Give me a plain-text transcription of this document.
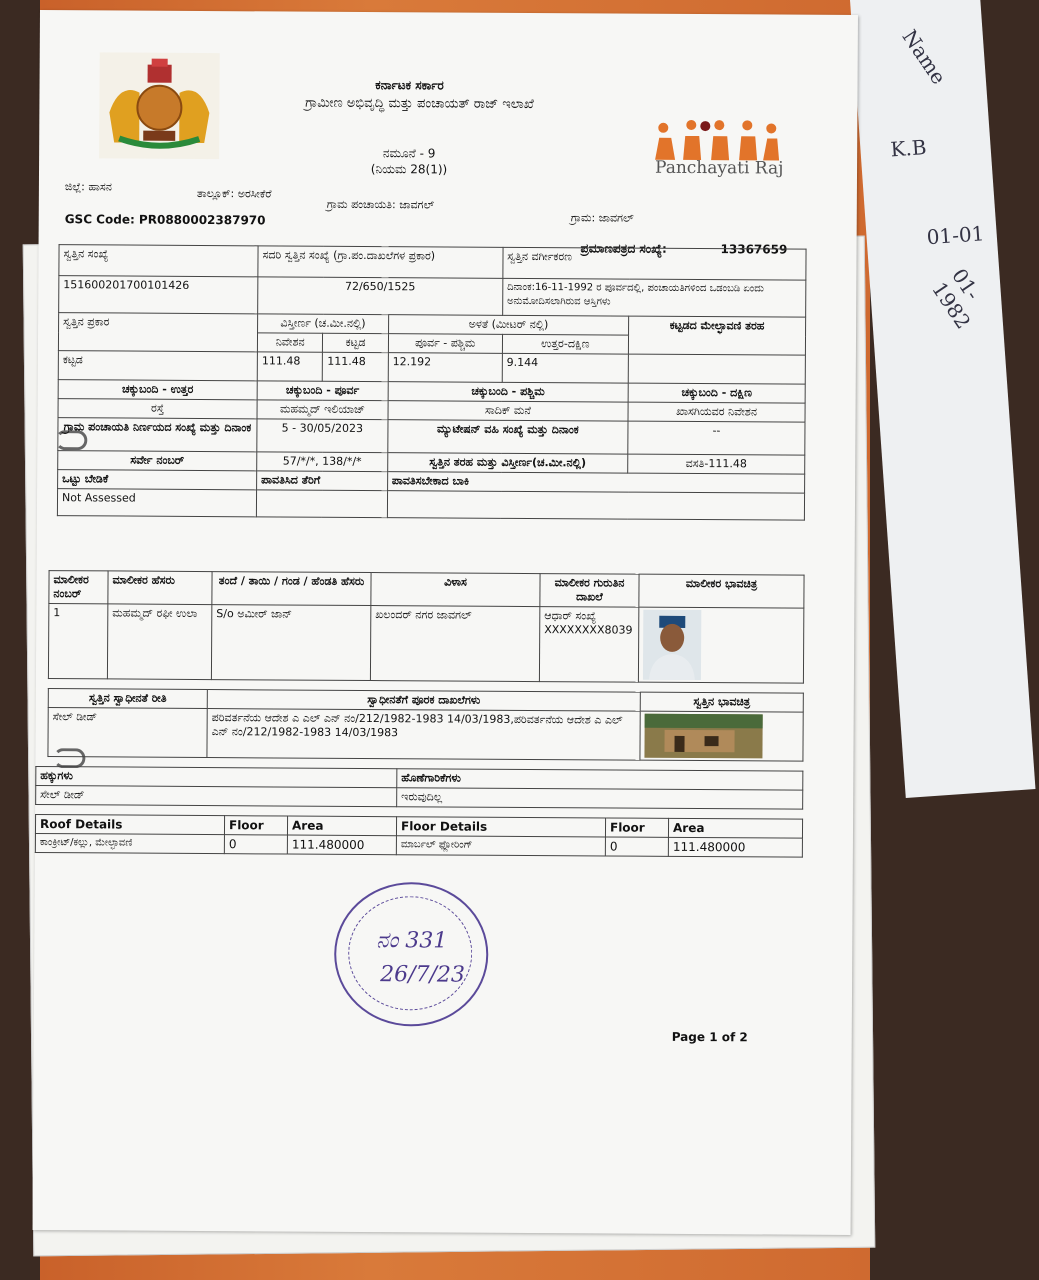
Name
K.B
01-01
01-1982
ಕರ್ನಾಟಕ ಸರ್ಕಾರ
ಗ್ರಾಮೀಣ ಅಭಿವೃದ್ಧಿ ಮತ್ತು ಪಂಚಾಯತ್ ರಾಜ್ ಇಲಾಖೆ
ನಮೂನೆ - 9
(ನಿಯಮ 28(1))	Panchayati Raj
ಜಿಲ್ಲೆ: ಹಾಸನ
ತಾಲ್ಲೂಕ್: ಅರಸೀಕೆರೆ
ಗ್ರಾಮ ಪಂಚಾಯತಿ: ಜಾವಗಲ್
ಗ್ರಾಮ: ಜಾವಗಲ್
GSC Code: PR0880002387970
ಪ್ರಮಾಣಪತ್ರದ ಸಂಖ್ಯೆ:	13367659
ಸ್ವತ್ತಿನ ಸಂಖ್ಯೆ	ಸದರಿ ಸ್ವತ್ತಿನ ಸಂಖ್ಯೆ (ಗ್ರಾ.ಪಂ.ದಾಖಲೆಗಳ ಪ್ರಕಾರ)			ಸ್ವತ್ತಿನ ವರ್ಗೀಕರಣ	
151600201700101426	72/650/1525			ದಿನಾಂಕ:16-11-1992 ರ ಪೂರ್ವದಲ್ಲಿ, ಪಂಚಾಯತಿಗಳಿಂದ ಒಡಂಬಡಿ ಏಂದು ಅನುಮೋದಿಸಲಾಗಿರುವ ಆಸ್ತಿಗಳು	
ಸ್ವತ್ತಿನ ಪ್ರಕಾರ	ವಿಸ್ತೀರ್ಣ (ಚ.ಮೀ.ನಲ್ಲಿ)		ಅಳತೆ (ಮೀಟರ್ ನಲ್ಲಿ)		ಕಟ್ಟಡದ ಮೇಲ್ಛಾವಣಿ ತರಹ
	ನಿವೇಶನ	ಕಟ್ಟಡ	ಪೂರ್ವ - ಪಶ್ಚಿಮ	ಉತ್ತರ-ದಕ್ಷಿಣ	
ಕಟ್ಟಡ	111.48	111.48	12.192	9.144	
ಚಕ್ಕುಬಂದಿ - ಉತ್ತರ	ಚಕ್ಕುಬಂದಿ - ಪೂರ್ವ		ಚಕ್ಕುಬಂದಿ - ಪಶ್ಚಿಮ		ಚಕ್ಕುಬಂದಿ - ದಕ್ಷಿಣ
ರಸ್ತೆ	ಮಹಮ್ಮದ್ ಇಲಿಯಾಜ್		ಸಾದಿಕ್ ಮನೆ		ಖಾಸಗಿಯವರ ನಿವೇಶನ
ಗ್ರಾಮ ಪಂಚಾಯತಿ ನಿರ್ಣಯದ ಸಂಖ್ಯೆ ಮತ್ತು ದಿನಾಂಕ	5 - 30/05/2023		ಮ್ಯುಟೇಷನ್ ವಹಿ ಸಂಖ್ಯೆ ಮತ್ತು ದಿನಾಂಕ		--
ಸರ್ವೇ ನಂಬರ್	57/*/*, 138/*/*		ಸ್ವತ್ತಿನ ತರಹ ಮತ್ತು ವಿಸ್ತೀರ್ಣ(ಚ.ಮೀ.ನಲ್ಲಿ)		ವಸತಿ-111.48
ಒಟ್ಟು ಬೇಡಿಕೆ	ಪಾವತಿಸಿದ ತೆರಿಗೆ		ಪಾವತಿಸಬೇಕಾದ ಬಾಕಿ		
Not Assessed					
ಮಾಲೀಕರ ನಂಬರ್	ಮಾಲೀಕರ ಹೆಸರು	ತಂದೆ / ತಾಯಿ / ಗಂಡ / ಹೆಂಡತಿ ಹೆಸರು	ವಿಳಾಸ	ಮಾಲೀಕರ ಗುರುತಿನ ದಾಖಲೆ	ಮಾಲೀಕರ ಭಾವಚಿತ್ರ
1	ಮಹಮ್ಮದ್ ರಫೀ ಉಲಾ	S/o ಅಮೀರ್ ಜಾನ್	ಖಲಂದರ್ ನಗರ ಜಾವಗಲ್	ಆಧಾರ್ ಸಂಖ್ಯೆ XXXXXXXX8039	
ಸ್ವತ್ತಿನ ಸ್ವಾಧೀನತೆ ರೀತಿ	ಸ್ವಾಧೀನತೆಗೆ ಪೂರಕ ದಾಖಲೆಗಳು	ಸ್ವತ್ತಿನ ಭಾವಚಿತ್ರ
ಸೇಲ್ ಡೀಡ್	ಪರಿವರ್ತನೆಯ ಆದೇಶ ಎ ಎಲ್ ಎನ್ ನಂ/212/1982-1983 14/03/1983,ಪರಿವರ್ತನೆಯ ಆದೇಶ ಎ ಎಲ್ ಎನ್ ನಂ/212/1982-1983 14/03/1983	
ಹಕ್ಕುಗಳು	ಹೊಣೆಗಾರಿಕೆಗಳು
ಸೇಲ್ ಡೀಡ್	ಇರುವುದಿಲ್ಲ
Roof Details	Floor	Area	Floor Details	Floor	Area
ಕಾಂಕ್ರೀಟ್/ಕಲ್ಲು, ಮೇಲ್ಛಾವಣಿ	0	111.480000	ಮಾರ್ಬಲ್ ಫ್ಲೋರಿಂಗ್	0	111.480000
ನಂ 331
26/7/23
Page 1 of 2
